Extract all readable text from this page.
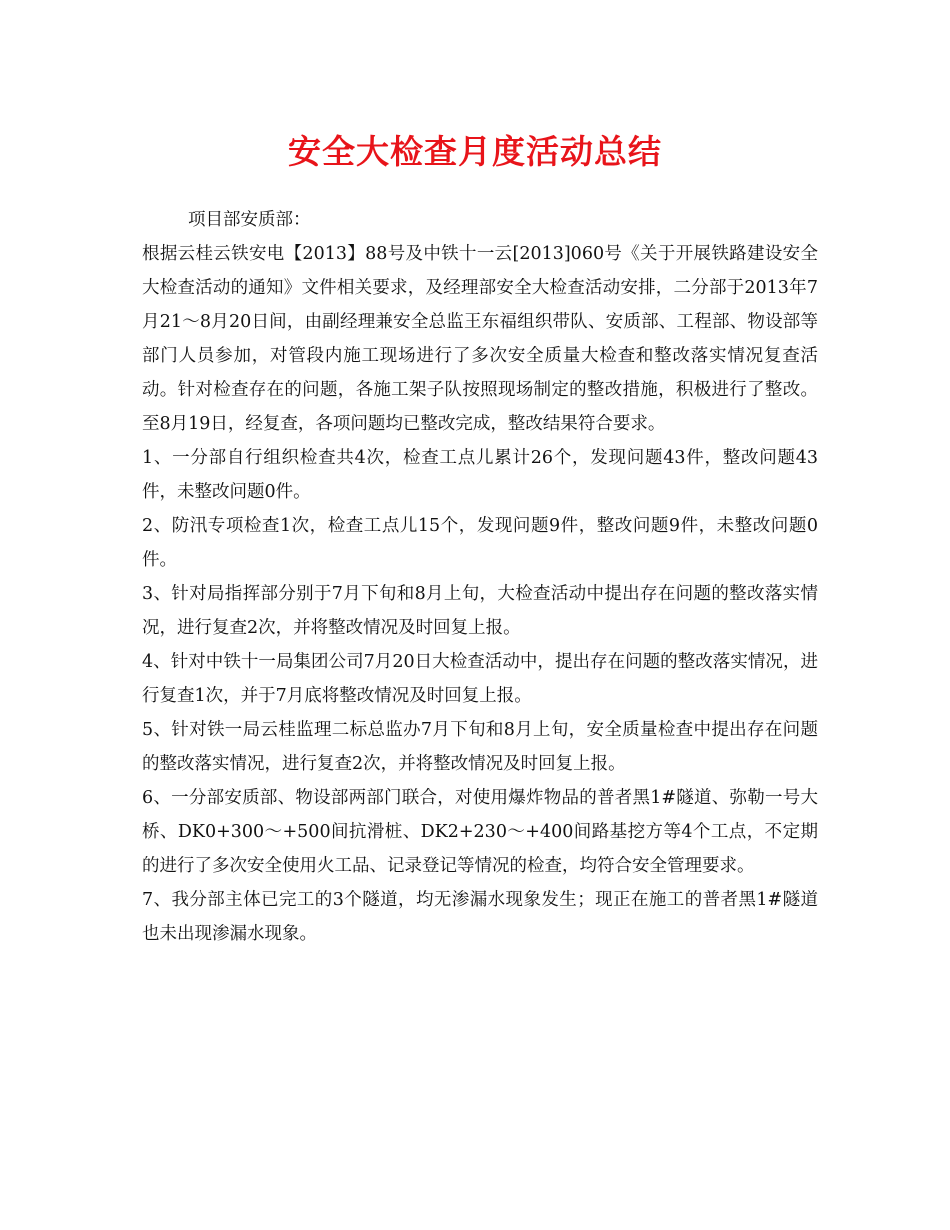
安全大检查月度活动总结

项目部安质部：

根据云桂云铁安电【2013】88号及中铁十一云[2013]060号《关于开展铁路建设安全大检查活动的通知》文件相关要求，及经理部安全大检查活动安排，二分部于2013年7月21～8月20日间，由副经理兼安全总监王东福组织带队、安质部、工程部、物设部等部门人员参加，对管段内施工现场进行了多次安全质量大检查和整改落实情况复查活动。针对检查存在的问题，各施工架子队按照现场制定的整改措施，积极进行了整改。至8月19日，经复查，各项问题均已整改完成，整改结果符合要求。

1、一分部自行组织检查共4次，检查工点儿累计26个，发现问题43件，整改问题43件，未整改问题0件。

2、防汛专项检查1次，检查工点儿15个，发现问题9件，整改问题9件，未整改问题0件。

3、针对局指挥部分别于7月下旬和8月上旬，大检查活动中提出存在问题的整改落实情况，进行复查2次，并将整改情况及时回复上报。

4、针对中铁十一局集团公司7月20日大检查活动中，提出存在问题的整改落实情况，进行复查1次，并于7月底将整改情况及时回复上报。

5、针对铁一局云桂监理二标总监办7月下旬和8月上旬，安全质量检查中提出存在问题的整改落实情况，进行复查2次，并将整改情况及时回复上报。

6、一分部安质部、物设部两部门联合，对使用爆炸物品的普者黑1#隧道、弥勒一号大桥、DK0+300～+500间抗滑桩、DK2+230～+400间路基挖方等4个工点，不定期的进行了多次安全使用火工品、记录登记等情况的检查，均符合安全管理要求。

7、我分部主体已完工的3个隧道，均无渗漏水现象发生；现正在施工的普者黑1#隧道也未出现渗漏水现象。
